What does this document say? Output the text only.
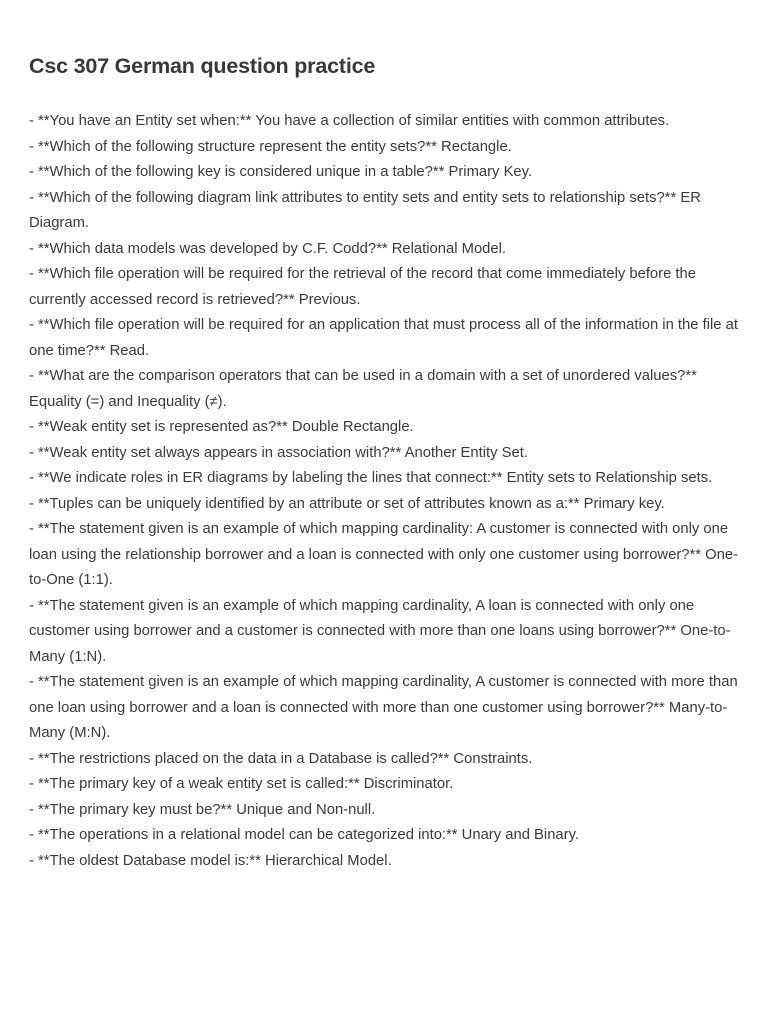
Csc 307 German question practice
- **You have an Entity set when:** You have a collection of similar entities with common attributes.
- **Which of the following structure represent the entity sets?** Rectangle.
- **Which of the following key is considered unique in a table?** Primary Key.
- **Which of the following diagram link attributes to entity sets and entity sets to relationship sets?** ER Diagram.
- **Which data models was developed by C.F. Codd?** Relational Model.
- **Which file operation will be required for the retrieval of the record that come immediately before the currently accessed record is retrieved?** Previous.
- **Which file operation will be required for an application that must process all of the information in the file at one time?** Read.
- **What are the comparison operators that can be used in a domain with a set of unordered values?** Equality (=) and Inequality (≠).
- **Weak entity set is represented as?** Double Rectangle.
- **Weak entity set always appears in association with?** Another Entity Set.
- **We indicate roles in ER diagrams by labeling the lines that connect:** Entity sets to Relationship sets.
- **Tuples can be uniquely identified by an attribute or set of attributes known as a:** Primary key.
- **The statement given is an example of which mapping cardinality: A customer is connected with only one loan using the relationship borrower and a loan is connected with only one customer using borrower?** One-to-One (1:1).
- **The statement given is an example of which mapping cardinality, A loan is connected with only one customer using borrower and a customer is connected with more than one loans using borrower?** One-to-Many (1:N).
- **The statement given is an example of which mapping cardinality, A customer is connected with more than one loan using borrower and a loan is connected with more than one customer using borrower?** Many-to-Many (M:N).
- **The restrictions placed on the data in a Database is called?** Constraints.
- **The primary key of a weak entity set is called:** Discriminator.
- **The primary key must be?** Unique and Non-null.
- **The operations in a relational model can be categorized into:** Unary and Binary.
- **The oldest Database model is:** Hierarchical Model.
